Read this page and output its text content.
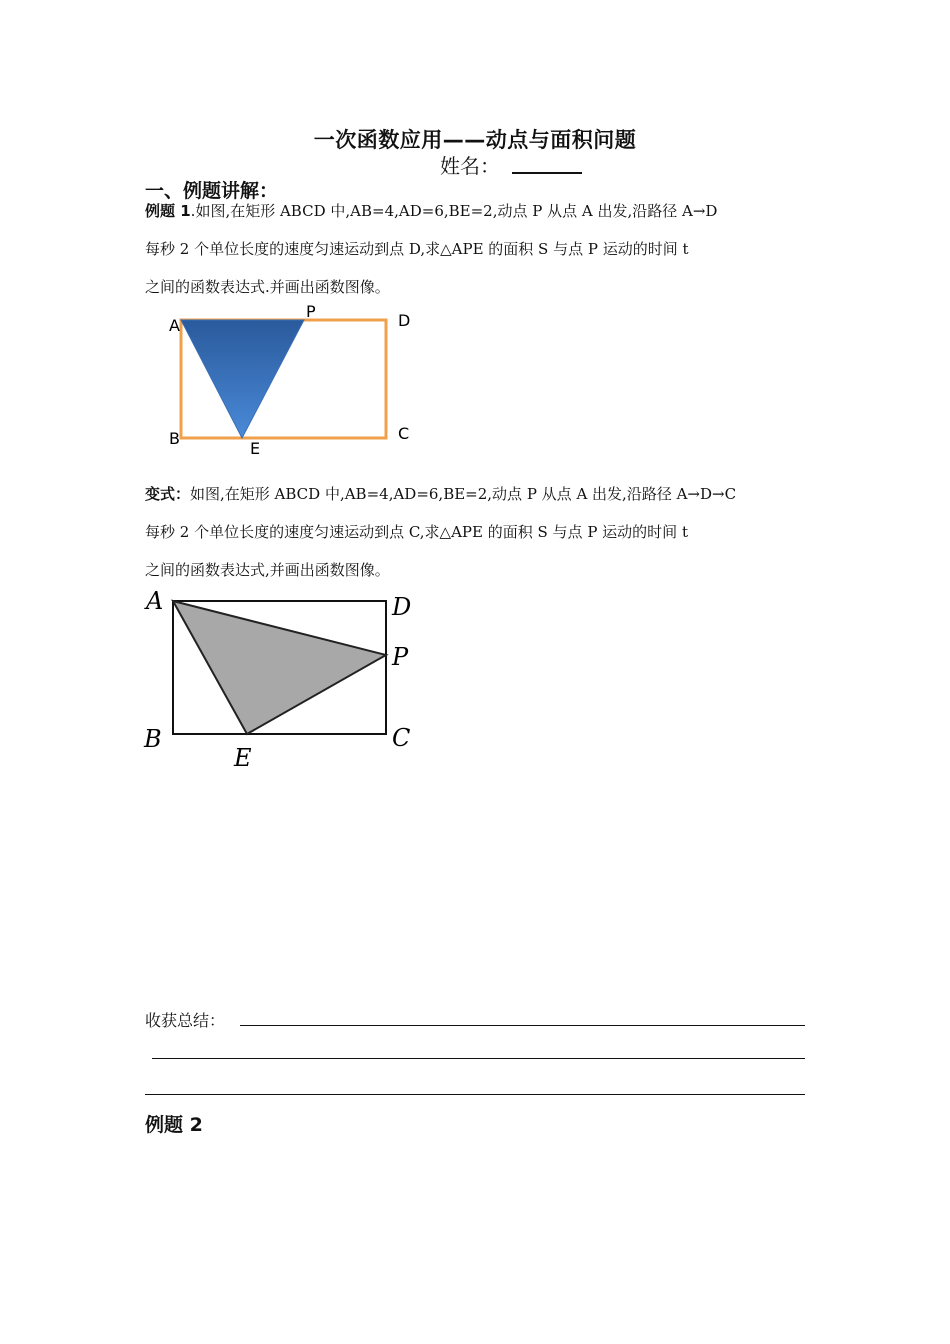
一次函数应用——动点与面积问题
姓名：
一、例题讲解：
例题 1.如图,在矩形 ABCD 中,AB=4,AD=6,BE=2,动点 P 从点 A 出发,沿路径 A→D
每秒 2 个单位长度的速度匀速运动到点 D,求△APE 的面积 S 与点 P 运动的时间 t
之间的函数表达式.并画出函数图像。
A
P	D
B
E
C
变式：如图,在矩形 ABCD 中,AB=4,AD=6,BE=2,动点 P 从点 A 出发,沿路径 A→D→C
每秒 2 个单位长度的速度匀速运动到点 C,求△APE 的面积 S 与点 P 运动的时间 t
之间的函数表达式,并画出函数图像。
A	D
P
B
E
C
收获总结：
例题 2
